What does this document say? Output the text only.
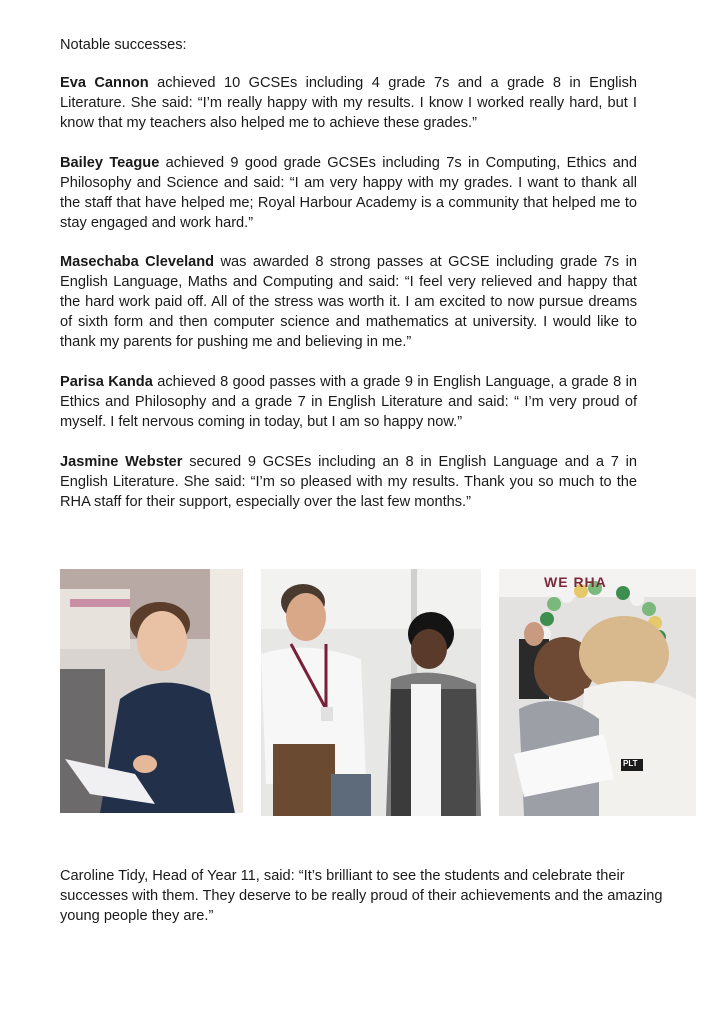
Notable successes:

Eva Cannon achieved 10 GCSEs including 4 grade 7s and a grade 8 in English Literature. She said: “I’m really happy with my results. I know I worked really hard, but I know that my teachers also helped me to achieve these grades.”

Bailey Teague achieved 9 good grade GCSEs including 7s in Computing, Ethics and Philosophy and Science and said: “I am very happy with my grades. I want to thank all the staff that have helped me; Royal Harbour Academy is a community that helped me to stay engaged and work hard.”

Masechaba Cleveland was awarded 8 strong passes at GCSE including grade 7s in English Language, Maths and Computing and said: “I feel very relieved and happy that the hard work paid off. All of the stress was worth it. I am excited to now pursue dreams of sixth form and then computer science and mathematics at university. I would like to thank my parents for pushing me and believing in me.”

Parisa Kanda achieved 8 good passes with a grade 9 in English Language, a grade 8 in Ethics and Philosophy and a grade 7 in English Literature and said: “ I’m very proud of myself. I felt nervous coming in today, but I am so happy now.”

Jasmine Webster secured 9 GCSEs including an 8 in English Language and a 7 in English Literature. She said: “I’m so pleased with my results. Thank you so much to the RHA staff for their support, especially over the last few months.”

WE RHA
PLT

Caroline Tidy, Head of Year 11, said: “It’s brilliant to see the students and celebrate their successes with them. They deserve to be really proud of their achievements and the amazing young people they are.”
